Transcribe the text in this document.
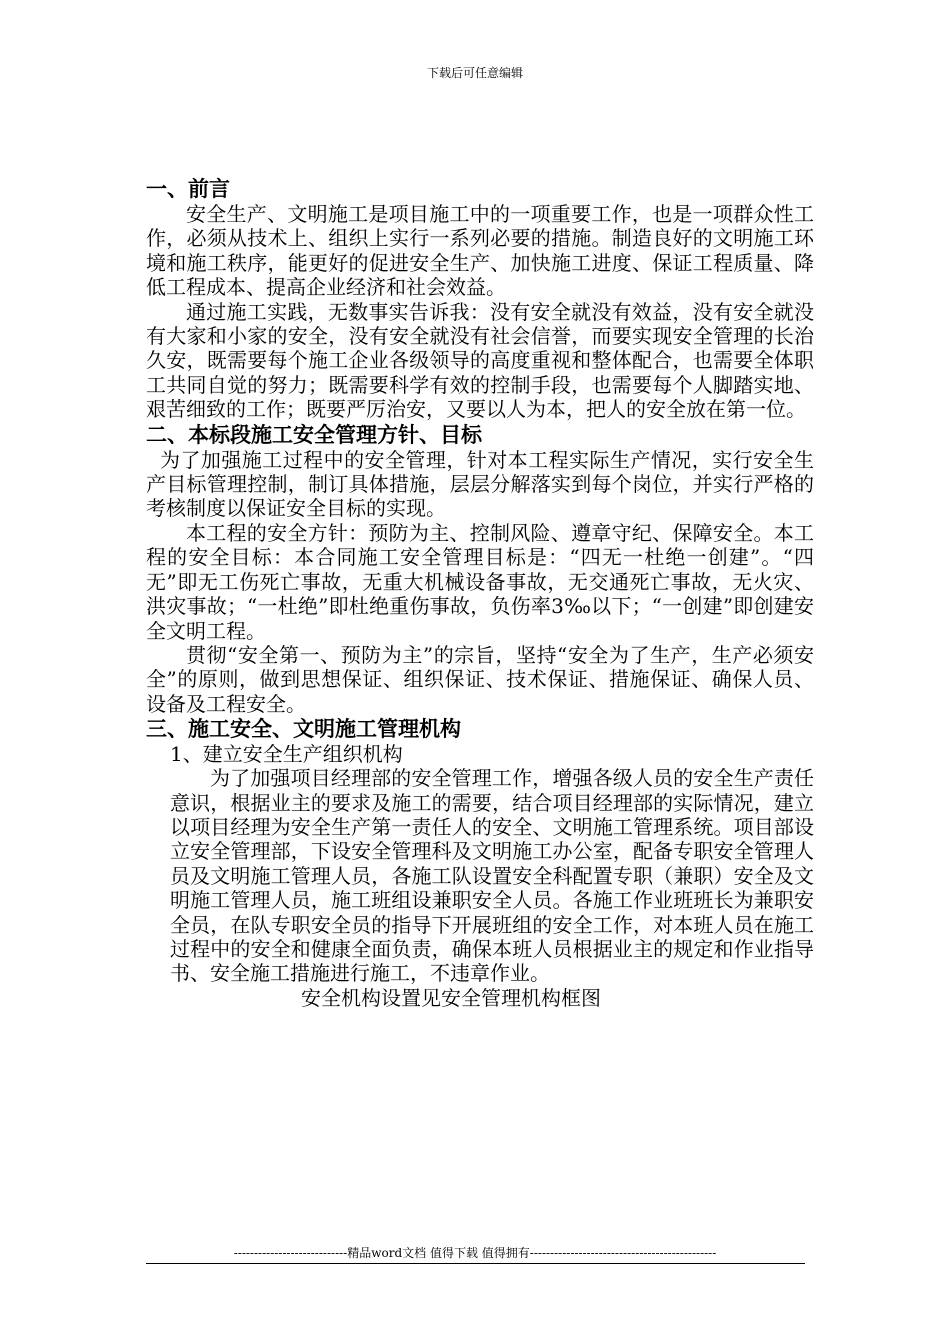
下载后可任意编辑

一、前言

安全生产、文明施工是项目施工中的一项重要工作，也是一项群众性工作，必须从技术上、组织上实行一系列必要的措施。制造良好的文明施工环境和施工秩序，能更好的促进安全生产、加快施工进度、保证工程质量、降低工程成本、提高企业经济和社会效益。

通过施工实践，无数事实告诉我：没有安全就没有效益，没有安全就没有大家和小家的安全，没有安全就没有社会信誉，而要实现安全管理的长治久安，既需要每个施工企业各级领导的高度重视和整体配合，也需要全体职工共同自觉的努力；既需要科学有效的控制手段，也需要每个人脚踏实地、艰苦细致的工作；既要严厉治安，又要以人为本，把人的安全放在第一位。

二、本标段施工安全管理方针、目标

为了加强施工过程中的安全管理，针对本工程实际生产情况，实行安全生产目标管理控制，制订具体措施，层层分解落实到每个岗位，并实行严格的考核制度以保证安全目标的实现。

本工程的安全方针：预防为主、控制风险、遵章守纪、保障安全。本工程的安全目标：本合同施工安全管理目标是：“四无一杜绝一创建”。“四无”即无工伤死亡事故，无重大机械设备事故，无交通死亡事故，无火灾、洪灾事故；“一杜绝”即杜绝重伤事故，负伤率3‰以下；“一创建”即创建安全文明工程。

贯彻“安全第一、预防为主”的宗旨，坚持“安全为了生产，生产必须安全”的原则，做到思想保证、组织保证、技术保证、措施保证、确保人员、设备及工程安全。

三、施工安全、文明施工管理机构

1、建立安全生产组织机构

为了加强项目经理部的安全管理工作，增强各级人员的安全生产责任意识，根据业主的要求及施工的需要，结合项目经理部的实际情况，建立以项目经理为安全生产第一责任人的安全、文明施工管理系统。项目部设立安全管理部，下设安全管理科及文明施工办公室，配备专职安全管理人员及文明施工管理人员，各施工队设置安全科配置专职（兼职）安全及文明施工管理人员，施工班组设兼职安全人员。各施工作业班班长为兼职安全员，在队专职安全员的指导下开展班组的安全工作，对本班人员在施工过程中的安全和健康全面负责，确保本班人员根据业主的规定和作业指导书、安全施工措施进行施工，不违章作业。

安全机构设置见安全管理机构框图

----------------------------精品word文档 值得下载 值得拥有----------------------------------------------
